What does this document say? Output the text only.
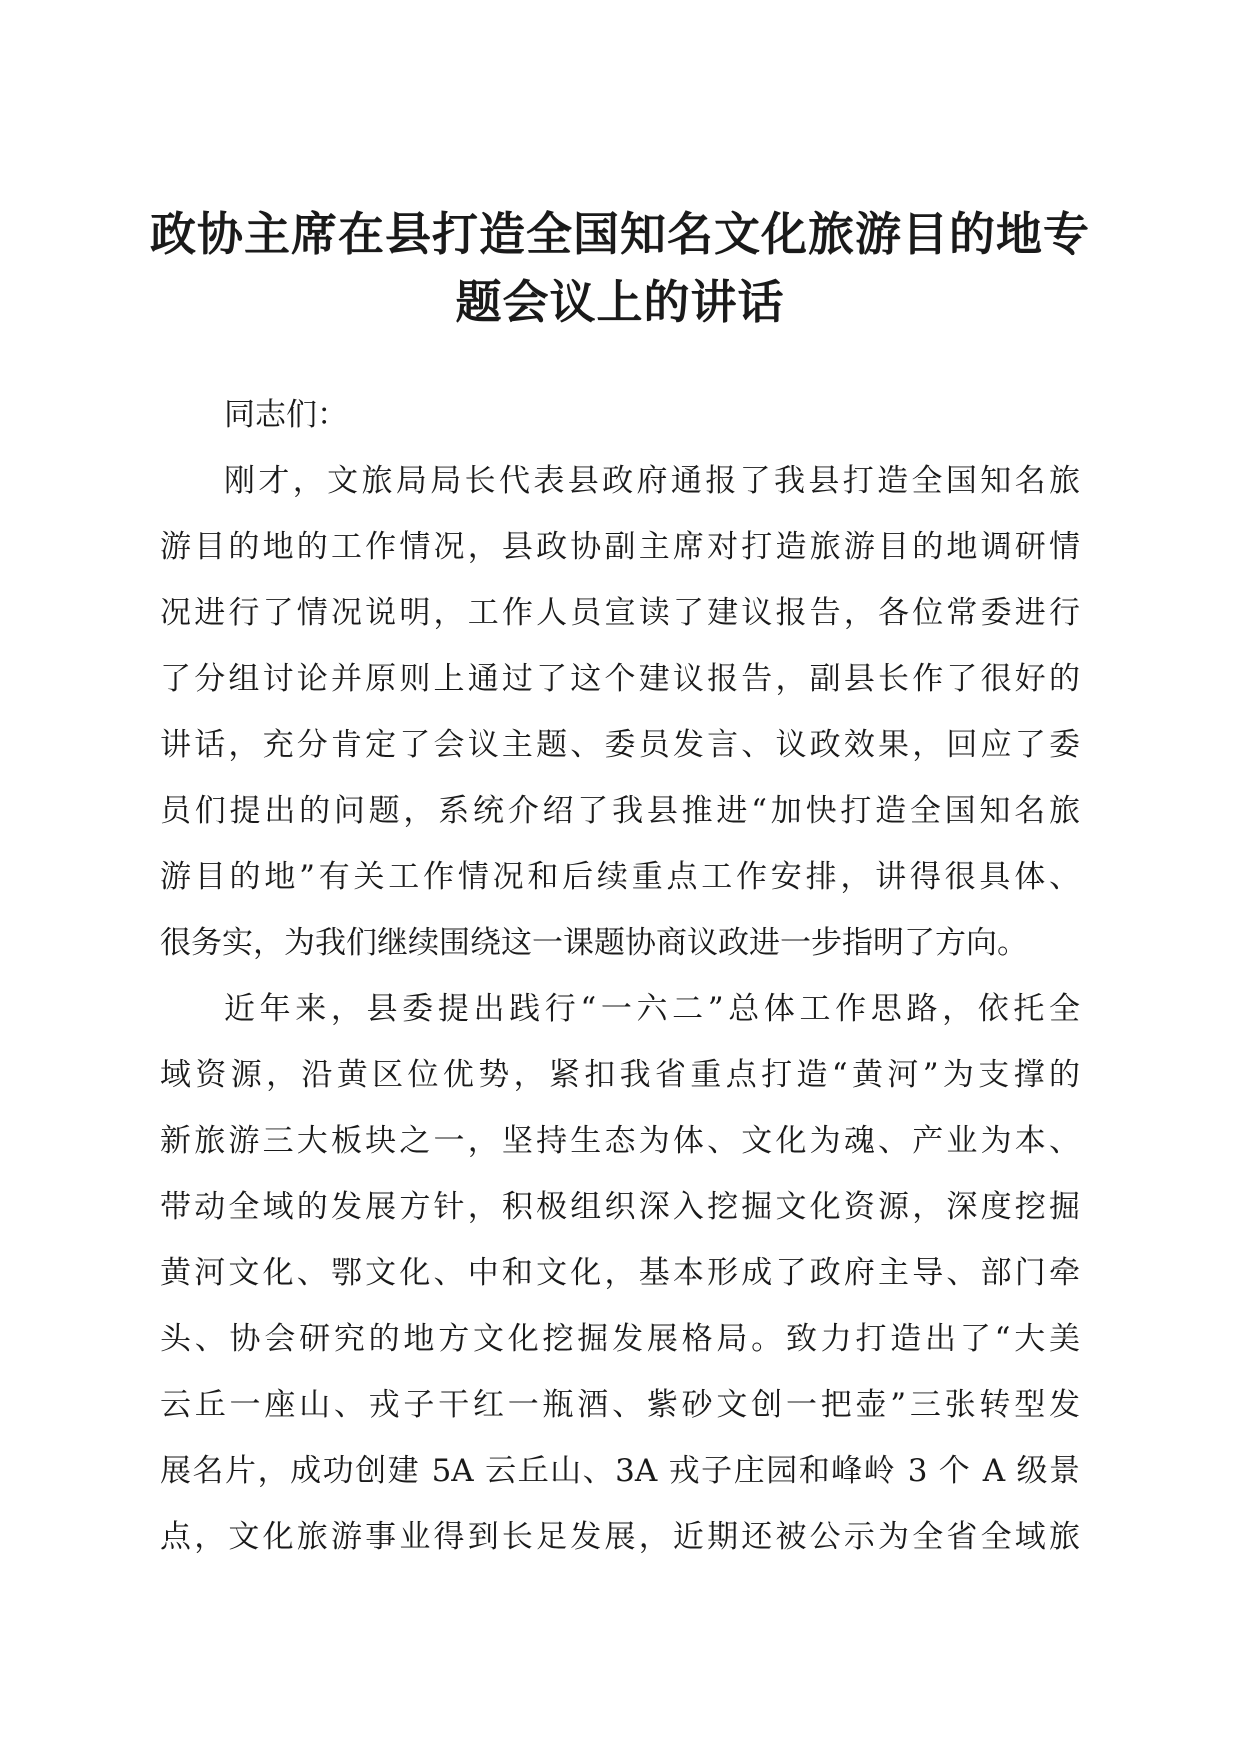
政协主席在县打造全国知名文化旅游目的地专
题会议上的讲话
同志们：
刚才，文旅局局长代表县政府通报了我县打造全国知名旅
游目的地的工作情况，县政协副主席对打造旅游目的地调研情
况进行了情况说明，工作人员宣读了建议报告，各位常委进行
了分组讨论并原则上通过了这个建议报告，副县长作了很好的
讲话，充分肯定了会议主题、委员发言、议政效果，回应了委
员们提出的问题，系统介绍了我县推进“加快打造全国知名旅
游目的地”有关工作情况和后续重点工作安排，讲得很具体、
很务实，为我们继续围绕这一课题协商议政进一步指明了方向。
近年来，县委提出践行“一六二”总体工作思路，依托全
域资源，沿黄区位优势，紧扣我省重点打造“黄河”为支撑的
新旅游三大板块之一，坚持生态为体、文化为魂、产业为本、
带动全域的发展方针，积极组织深入挖掘文化资源，深度挖掘
黄河文化、鄂文化、中和文化，基本形成了政府主导、部门牵
头、协会研究的地方文化挖掘发展格局。致力打造出了“大美
云丘一座山、戎子干红一瓶酒、紫砂文创一把壶”三张转型发
展名片，成功创建 5A 云丘山、3A 戎子庄园和峰岭 3 个 A 级景
点，文化旅游事业得到长足发展，近期还被公示为全省全域旅
